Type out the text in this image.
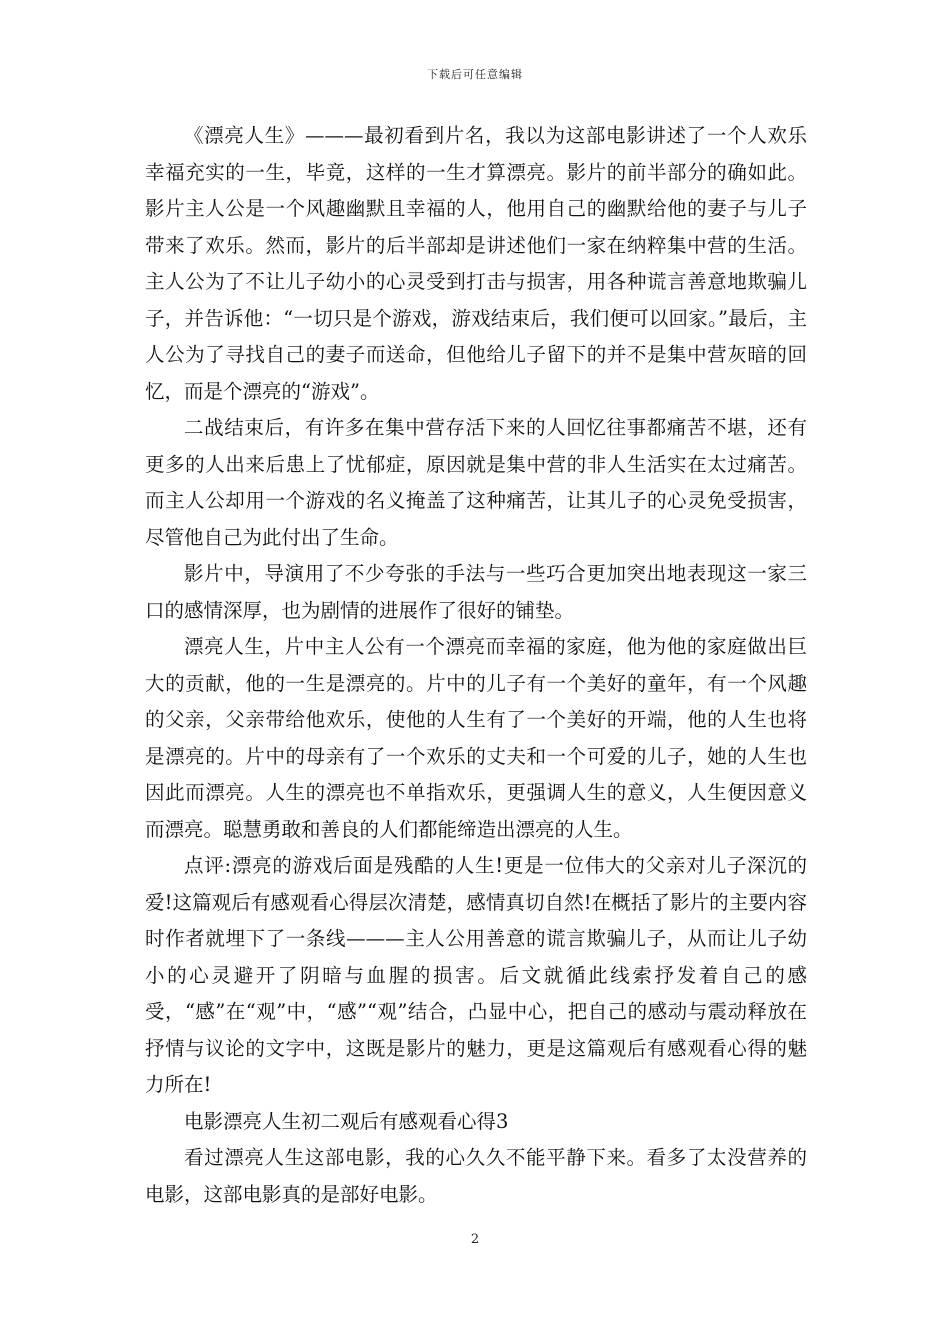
下载后可任意编辑

《漂亮人生》———最初看到片名，我以为这部电影讲述了一个人欢乐幸福充实的一生，毕竟，这样的一生才算漂亮。影片的前半部分的确如此。影片主人公是一个风趣幽默且幸福的人，他用自己的幽默给他的妻子与儿子带来了欢乐。然而，影片的后半部却是讲述他们一家在纳粹集中营的生活。主人公为了不让儿子幼小的心灵受到打击与损害，用各种谎言善意地欺骗儿子，并告诉他：“一切只是个游戏，游戏结束后，我们便可以回家。”最后，主人公为了寻找自己的妻子而送命，但他给儿子留下的并不是集中营灰暗的回忆，而是个漂亮的“游戏”。

二战结束后，有许多在集中营存活下来的人回忆往事都痛苦不堪，还有更多的人出来后患上了忧郁症，原因就是集中营的非人生活实在太过痛苦。而主人公却用一个游戏的名义掩盖了这种痛苦，让其儿子的心灵免受损害，尽管他自己为此付出了生命。

影片中，导演用了不少夸张的手法与一些巧合更加突出地表现这一家三口的感情深厚，也为剧情的进展作了很好的铺垫。

漂亮人生，片中主人公有一个漂亮而幸福的家庭，他为他的家庭做出巨大的贡献，他的一生是漂亮的。片中的儿子有一个美好的童年，有一个风趣的父亲，父亲带给他欢乐，使他的人生有了一个美好的开端，他的人生也将是漂亮的。片中的母亲有了一个欢乐的丈夫和一个可爱的儿子，她的人生也因此而漂亮。人生的漂亮也不单指欢乐，更强调人生的意义，人生便因意义而漂亮。聪慧勇敢和善良的人们都能缔造出漂亮的人生。

点评:漂亮的游戏后面是残酷的人生!更是一位伟大的父亲对儿子深沉的爱!这篇观后有感观看心得层次清楚，感情真切自然!在概括了影片的主要内容时作者就埋下了一条线———主人公用善意的谎言欺骗儿子，从而让儿子幼小的心灵避开了阴暗与血腥的损害。后文就循此线索抒发着自己的感受，“感”在“观”中，“感”“观”结合，凸显中心，把自己的感动与震动释放在抒情与议论的文字中，这既是影片的魅力，更是这篇观后有感观看心得的魅力所在!

电影漂亮人生初二观后有感观看心得3

看过漂亮人生这部电影，我的心久久不能平静下来。看多了太没营养的电影，这部电影真的是部好电影。

2
